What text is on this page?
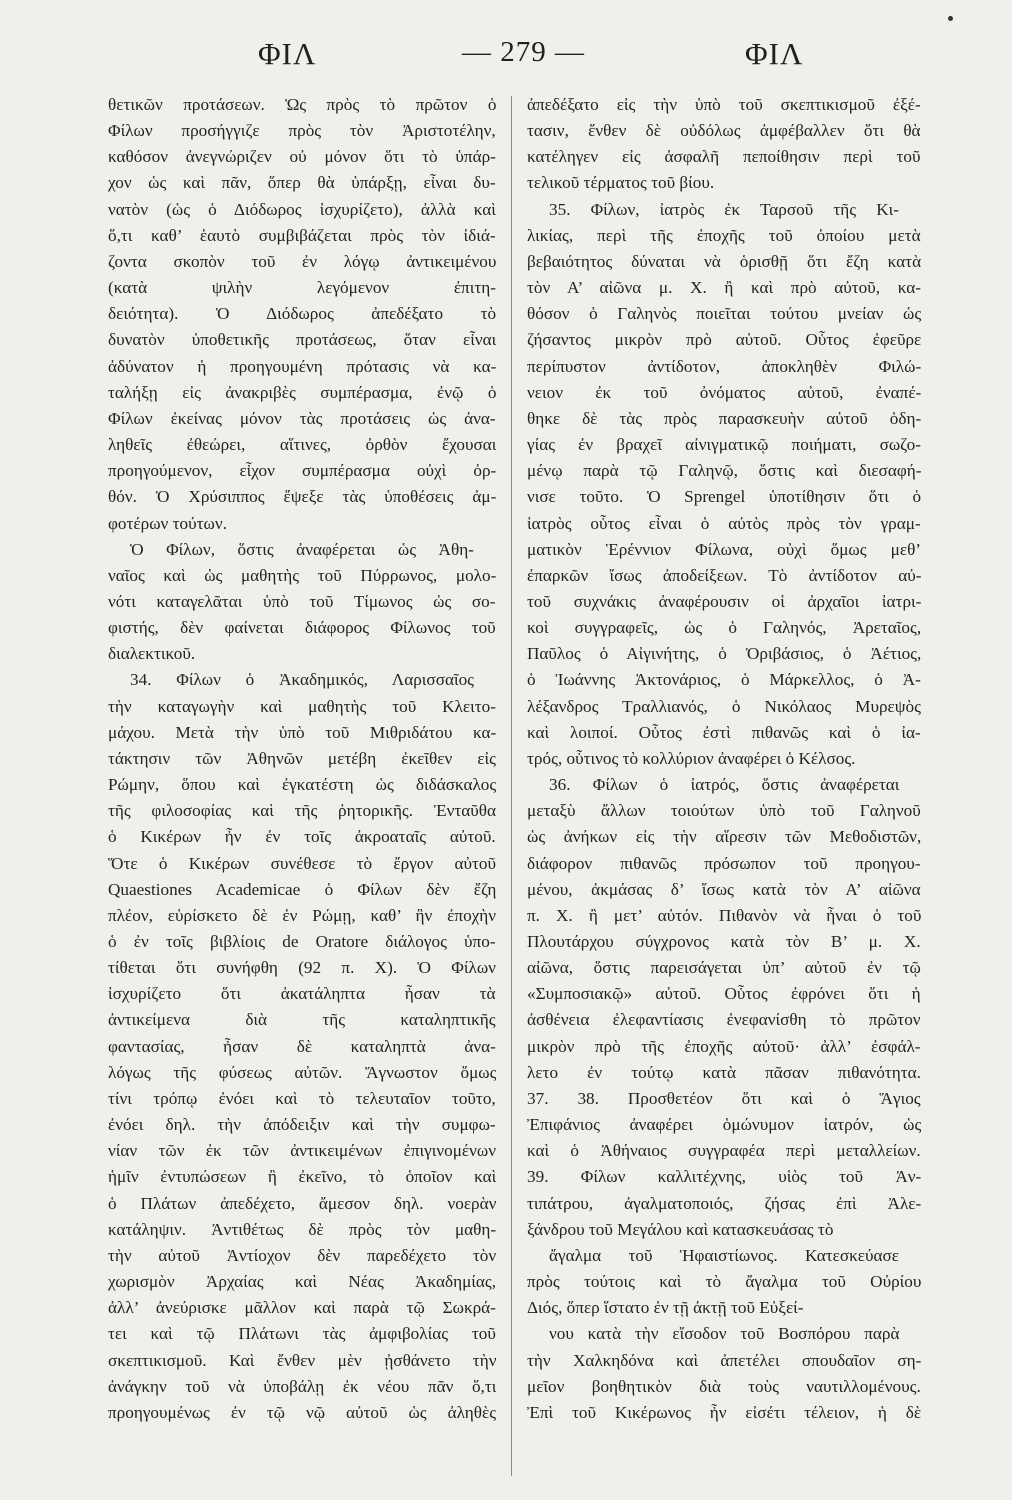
ΦΙΛ	— 279 —	ΦΙΛ
θετικῶν προτάσεων. Ὡς πρὸς τὸ πρῶτον ὁ
Φίλων προσήγγιζε πρὸς τὸν Ἀριστοτέλην,
καθόσον ἀνεγνώριζεν οὐ μόνον ὅτι τὸ ὑπάρ-
χον ὡς καὶ πᾶν, ὅπερ θὰ ὑπάρξῃ, εἶναι δυ-
νατὸν (ὡς ὁ Διόδωρος ἰσχυρίζετο), ἀλλὰ καὶ
ὅ,τι καθ’ ἑαυτὸ συμβιβάζεται πρὸς τὸν ἰδιά-
ζοντα σκοπὸν τοῦ ἐν λόγῳ ἀντικειμένου
(κατὰ ψιλὴν λεγόμενον ἐπιτη-
δειότητα). Ὁ Διόδωρος ἀπεδέξατο τὸ
δυνατὸν ὑποθετικῆς προτάσεως, ὅταν εἶναι
ἀδύνατον ἡ προηγουμένη πρότασις νὰ κα-
ταλήξῃ εἰς ἀνακριβὲς συμπέρασμα, ἐνῷ ὁ
Φίλων ἐκείνας μόνον τὰς προτάσεις ὡς ἀνα-
ληθεῖς ἐθεώρει, αἵτινες, ὀρθὸν ἔχουσαι
προηγούμενον, εἶχον συμπέρασμα οὐχὶ ὀρ-
θόν. Ὁ Χρύσιππος ἔψεξε τὰς ὑποθέσεις ἀμ-
φοτέρων τούτων.
Ὁ Φίλων, ὅστις ἀναφέρεται ὡς Ἀθη-
ναῖος καὶ ὡς μαθητὴς τοῦ Πύρρωνος, μολο-
νότι καταγελᾶται ὑπὸ τοῦ Τίμωνος ὡς σο-
φιστής, δὲν φαίνεται διάφορος Φίλωνος τοῦ
διαλεκτικοῦ.
34. Φίλων ὁ Ἀκαδημικός, Λαρισσαῖος
τὴν καταγωγὴν καὶ μαθητὴς τοῦ Κλειτο-
μάχου. Μετὰ τὴν ὑπὸ τοῦ Μιθριδάτου κα-
τάκτησιν τῶν Ἀθηνῶν μετέβη ἐκεῖθεν εἰς
Ρώμην, ὅπου καὶ ἐγκατέστη ὡς διδάσκαλος
τῆς φιλοσοφίας καὶ τῆς ῥητορικῆς. Ἐνταῦθα
ὁ Κικέρων ἦν ἐν τοῖς ἀκροαταῖς αὐτοῦ.
Ὅτε ὁ Κικέρων συνέθεσε τὸ ἔργον αὐτοῦ
Quaestiones Academicae ὁ Φίλων δὲν ἔζη
πλέον, εὑρίσκετο δὲ ἐν Ρώμῃ, καθ’ ἣν ἐποχὴν
ὁ ἐν τοῖς βιβλίοις de Oratore διάλογος ὑπο-
τίθεται ὅτι συνήφθη (92 π. Χ). Ὁ Φίλων
ἰσχυρίζετο ὅτι ἀκατάληπτα ἦσαν τὰ
ἀντικείμενα διὰ τῆς καταληπτικῆς
φαντασίας, ἦσαν δὲ καταληπτὰ ἀνα-
λόγως τῆς φύσεως αὐτῶν. Ἄγνωστον ὅμως
τίνι τρόπῳ ἐνόει καὶ τὸ τελευταῖον τοῦτο,
ἐνόει δηλ. τὴν ἀπόδειξιν καὶ τὴν συμφω-
νίαν τῶν ἐκ τῶν ἀντικειμένων ἐπιγινομένων
ἡμῖν ἐντυπώσεων ἢ ἐκεῖνο, τὸ ὁποῖον καὶ
ὁ Πλάτων ἀπεδέχετο, ἄμεσον δηλ. νοερὰν
κατάληψιν. Ἀντιθέτως δὲ πρὸς τὸν μαθη-
τὴν αὐτοῦ Ἀντίοχον δὲν παρεδέχετο τὸν
χωρισμὸν Ἀρχαίας καὶ Νέας Ἀκαδημίας,
ἀλλ’ ἀνεύρισκε μᾶλλον καὶ παρὰ τῷ Σωκρά-
τει καὶ τῷ Πλάτωνι τὰς ἀμφιβολίας τοῦ
σκεπτικισμοῦ. Καὶ ἔνθεν μὲν ᾐσθάνετο τὴν
ἀνάγκην τοῦ νὰ ὑποβάλῃ ἐκ νέου πᾶν ὅ,τι
προηγουμένως ἐν τῷ νῷ αὐτοῦ ὡς ἀληθὲς
ἀπεδέξατο εἰς τὴν ὑπὸ τοῦ σκεπτικισμοῦ ἐξέ-
τασιν, ἔνθεν δὲ οὐδόλως ἀμφέβαλλεν ὅτι θὰ
κατέληγεν εἰς ἀσφαλῆ πεποίθησιν περὶ τοῦ
τελικοῦ τέρματος τοῦ βίου.
35. Φίλων, ἰατρὸς ἐκ Ταρσοῦ τῆς Κι-
λικίας, περὶ τῆς ἐποχῆς τοῦ ὁποίου μετὰ
βεβαιότητος δύναται νὰ ὁρισθῇ ὅτι ἔζη κατὰ
τὸν Α’ αἰῶνα μ. Χ. ἢ καὶ πρὸ αὐτοῦ, κα-
θόσον ὁ Γαληνὸς ποιεῖται τούτου μνείαν ὡς
ζήσαντος μικρὸν πρὸ αὐτοῦ. Οὗτος ἐφεῦρε
περίπυστον ἀντίδοτον, ἀποκληθὲν Φιλώ-
νειον ἐκ τοῦ ὀνόματος αὐτοῦ, ἐναπέ-
θηκε δὲ τὰς πρὸς παρασκευὴν αὐτοῦ ὁδη-
γίας ἐν βραχεῖ αἰνιγματικῷ ποιήματι, σωζο-
μένῳ παρὰ τῷ Γαληνῷ, ὅστις καὶ διεσαφή-
νισε τοῦτο. Ὁ Sprengel ὑποτίθησιν ὅτι ὁ
ἰατρὸς οὗτος εἶναι ὁ αὐτὸς πρὸς τὸν γραμ-
ματικὸν Ἑρέννιον Φίλωνα, οὐχὶ ὅμως μεθ’
ἐπαρκῶν ἴσως ἀποδείξεων. Τὸ ἀντίδοτον αὐ-
τοῦ συχνάκις ἀναφέρουσιν οἱ ἀρχαῖοι ἰατρι-
κοὶ συγγραφεῖς, ὡς ὁ Γαληνός, Ἀρεταῖος,
Παῦλος ὁ Αἰγινήτης, ὁ Ὀριβάσιος, ὁ Ἀέτιος,
ὁ Ἰωάννης Ἀκτονάριος, ὁ Μάρκελλος, ὁ Ἀ-
λέξανδρος Τραλλιανός, ὁ Νικόλαος Μυρεψὸς
καὶ λοιποί. Οὗτος ἐστὶ πιθανῶς καὶ ὁ ἰα-
τρός, οὗτινος τὸ κολλύριον ἀναφέρει ὁ Κέλσος.
36. Φίλων ὁ ἰατρός, ὅστις ἀναφέρεται
μεταξὺ ἄλλων τοιούτων ὑπὸ τοῦ Γαληνοῦ
ὡς ἀνήκων εἰς τὴν αἵρεσιν τῶν Μεθοδιστῶν,
διάφορον πιθανῶς πρόσωπον τοῦ προηγου-
μένου, ἀκμάσας δ’ ἴσως κατὰ τὸν Α’ αἰῶνα
π. Χ. ἢ μετ’ αὐτόν. Πιθανὸν νὰ ἦναι ὁ τοῦ
Πλουτάρχου σύγχρονος κατὰ τὸν Β’ μ. Χ.
αἰῶνα, ὅστις παρεισάγεται ὑπ’ αὐτοῦ ἐν τῷ
«Συμποσιακῷ» αὐτοῦ. Οὗτος ἐφρόνει ὅτι ἡ
ἀσθένεια ἐλεφαντίασις ἐνεφανίσθη τὸ πρῶτον
μικρὸν πρὸ τῆς ἐποχῆς αὐτοῦ· ἀλλ’ ἐσφάλ-
λετο ἐν τούτῳ κατὰ πᾶσαν πιθανότητα.
37. 38. Προσθετέον ὅτι καὶ ὁ Ἅγιος
Ἐπιφάνιος ἀναφέρει ὁμώνυμον ἰατρόν, ὡς
καὶ ὁ Ἀθήναιος συγγραφέα περὶ μεταλλείων.
39. Φίλων καλλιτέχνης, υἱὸς τοῦ Ἀν-
τιπάτρου, ἀγαλματοποιός, ζήσας ἐπὶ Ἀλε-
ξάνδρου τοῦ Μεγάλου καὶ κατασκευάσας τὸ
ἄγαλμα τοῦ Ἡφαιστίωνος. Κατεσκεύασε
πρὸς τούτοις καὶ τὸ ἄγαλμα τοῦ Οὐρίου
Διός, ὅπερ ἵστατο ἐν τῇ ἀκτῇ τοῦ Εὐξεί-
νου κατὰ τὴν εἴσοδον τοῦ Βοσπόρου παρὰ
τὴν Χαλκηδόνα καὶ ἀπετέλει σπουδαῖον ση-
μεῖον βοηθητικὸν διὰ τοὺς ναυτιλλομένους.
Ἐπὶ τοῦ Κικέρωνος ἦν εἰσέτι τέλειον, ἡ δὲ
